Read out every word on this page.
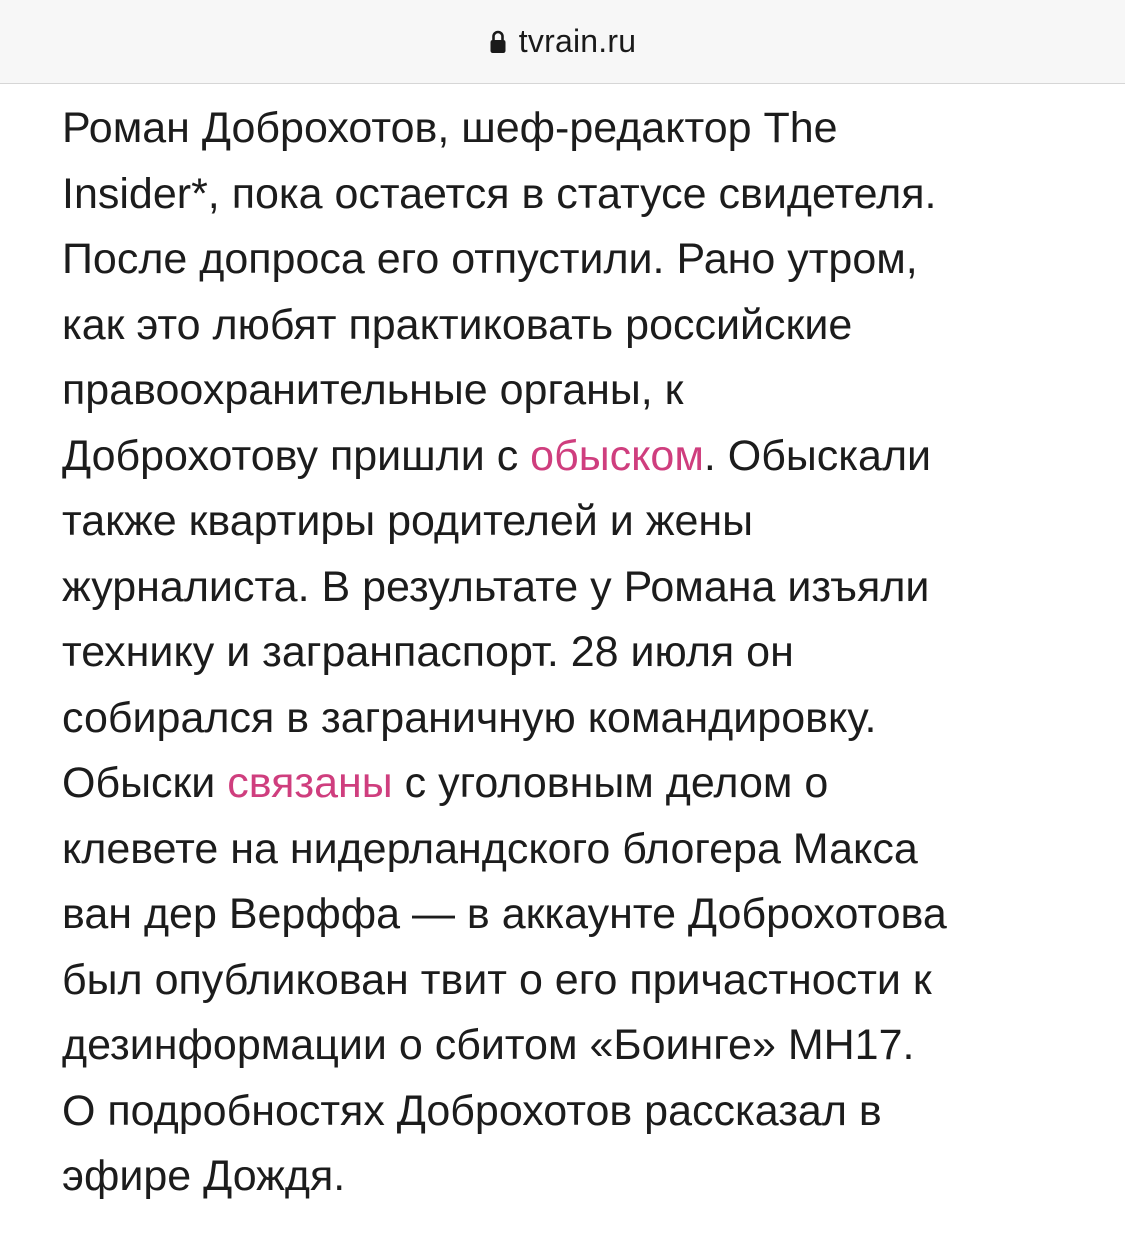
tvrain.ru
Роман Доброхотов, шеф-редактор The
Insider*, пока остается в статусе свидетеля.
После допроса его отпустили. Рано утром,
как это любят практиковать российские
правоохранительные органы, к
Доброхотову пришли с обыском. Обыскали
также квартиры родителей и жены
журналиста. В результате у Романа изъяли
технику и загранпаспорт. 28 июля он
собирался в заграничную командировку.
Обыски связаны с уголовным делом о
клевете на нидерландского блогера Макса
ван дер Верффа — в аккаунте Доброхотова
был опубликован твит о его причастности к
дезинформации о сбитом «Боинге» MH17.
О подробностях Доброхотов рассказал в
эфире Дождя.
